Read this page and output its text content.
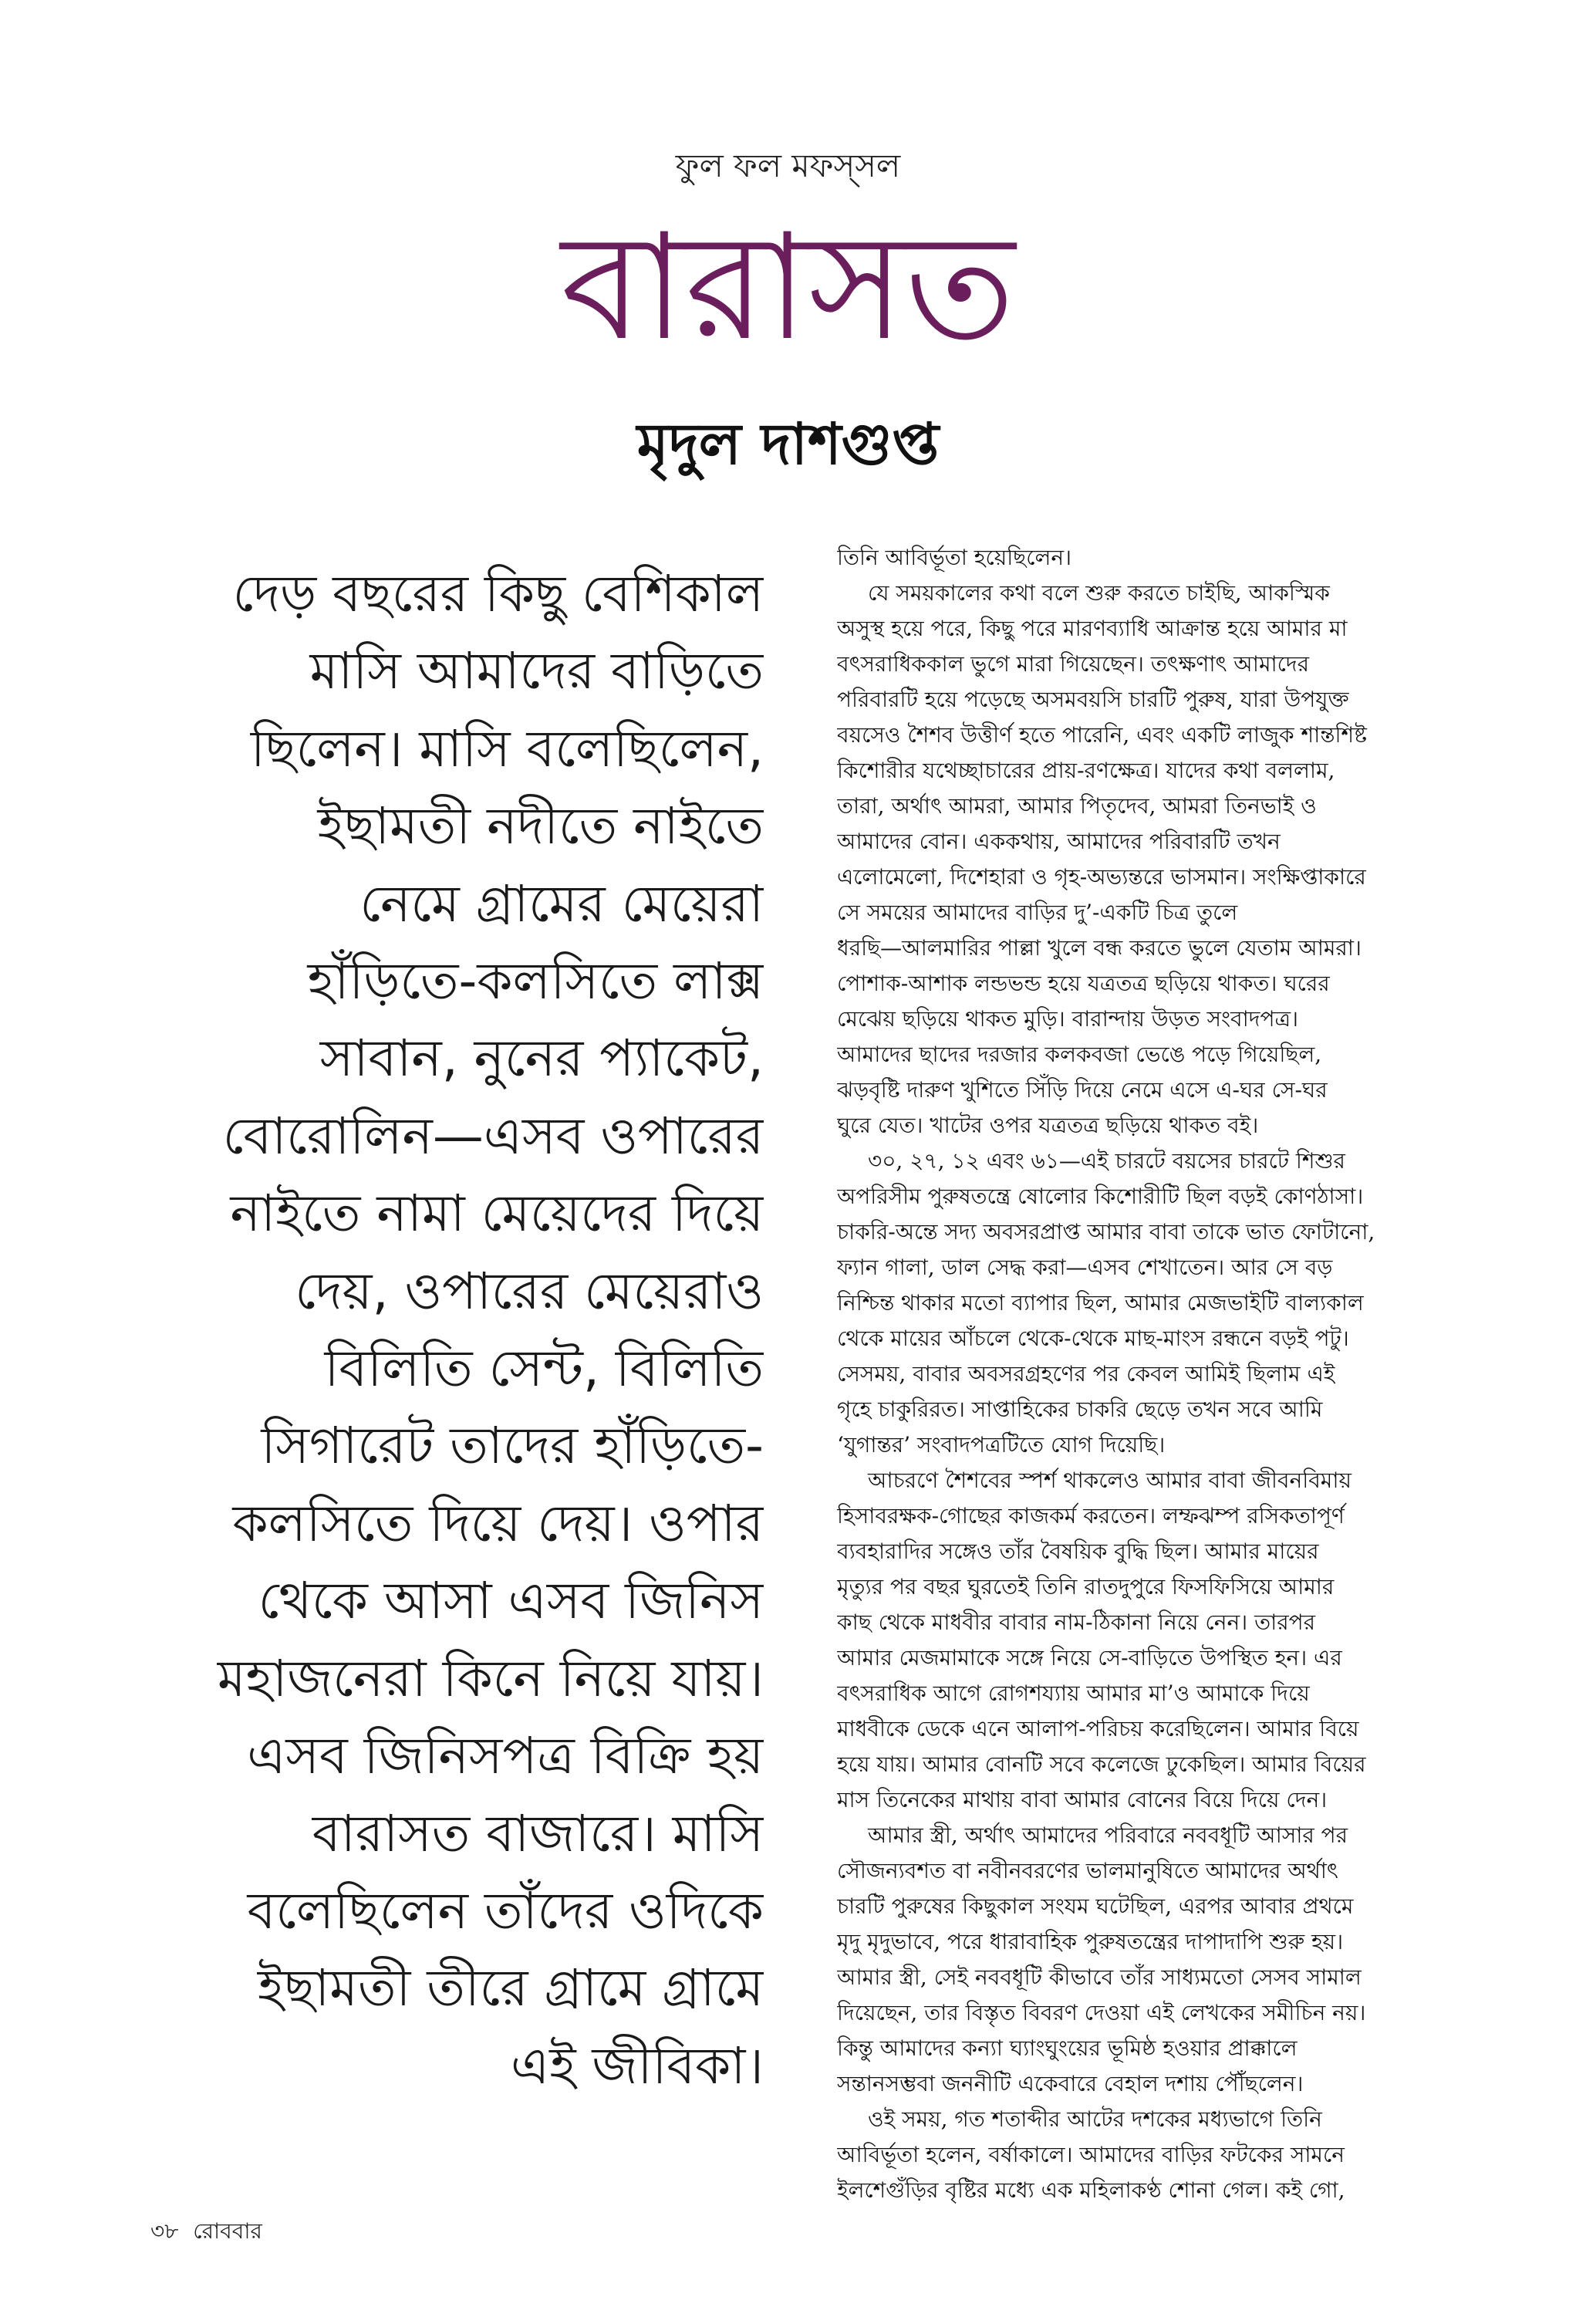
ফুল ফল মফস্‌সল
বারাসত
মৃদুল দাশগুপ্ত
দেড় বছরের কিছু বেশিকাল
মাসি আমাদের বাড়িতে
ছিলেন। মাসি বলেছিলেন,
ইছামতী নদীতে নাইতে
নেমে গ্রামের মেয়েরা
হাঁড়িতে-কলসিতে লাক্স
সাবান, নুনের প্যাকেট,
বোরোলিন—এসব ওপারের
নাইতে নামা মেয়েদের দিয়ে
দেয়, ওপারের মেয়েরাও
বিলিতি সেন্ট, বিলিতি
সিগারেট তাদের হাঁড়িতে-
কলসিতে দিয়ে দেয়। ওপার
থেকে আসা এসব জিনিস
মহাজনেরা কিনে নিয়ে যায়।
এসব জিনিসপত্র বিক্রি হয়
বারাসত বাজারে। মাসি
বলেছিলেন তাঁদের ওদিকে
ইছামতী তীরে গ্রামে গ্রামে
এই জীবিকা।
তিনি আবির্ভূতা হয়েছিলেন।
যে সময়কালের কথা বলে শুরু করতে চাইছি, আকস্মিক
অসুস্থ হয়ে পরে, কিছু পরে মারণব্যাধি আক্রান্ত হয়ে আমার মা
বৎসরাধিককাল ভুগে মারা গিয়েছেন। তৎক্ষণাৎ আমাদের
পরিবারটি হয়ে পড়েছে অসমবয়সি চারটি পুরুষ, যারা উপযুক্ত
বয়সেও শৈশব উত্তীর্ণ হতে পারেনি, এবং একটি লাজুক শান্তশিষ্ট
কিশোরীর যথেচ্ছাচারের প্রায়-রণক্ষেত্র। যাদের কথা বললাম,
তারা, অর্থাৎ আমরা, আমার পিতৃদেব, আমরা তিনভাই ও
আমাদের বোন। এককথায়, আমাদের পরিবারটি তখন
এলোমেলো, দিশেহারা ও গৃহ-অভ্যন্তরে ভাসমান। সংক্ষিপ্তাকারে
সে সময়ের আমাদের বাড়ির দু’-একটি চিত্র তুলে
ধরছি—আলমারির পাল্লা খুলে বন্ধ করতে ভুলে যেতাম আমরা।
পোশাক-আশাক লন্ডভন্ড হয়ে যত্রতত্র ছড়িয়ে থাকত। ঘরের
মেঝেয় ছড়িয়ে থাকত মুড়ি। বারান্দায় উড়ত সংবাদপত্র।
আমাদের ছাদের দরজার কলকবজা ভেঙে পড়ে গিয়েছিল,
ঝড়বৃষ্টি দারুণ খুশিতে সিঁড়ি দিয়ে নেমে এসে এ-ঘর সে-ঘর
ঘুরে যেত। খাটের ওপর যত্রতত্র ছড়িয়ে থাকত বই।
৩০, ২৭, ১২ এবং ৬১—এই চারটে বয়সের চারটে শিশুর
অপরিসীম পুরুষতন্ত্রে ষোলোর কিশোরীটি ছিল বড়ই কোণঠাসা।
চাকরি-অন্তে সদ্য অবসরপ্রাপ্ত আমার বাবা তাকে ভাত ফোটানো,
ফ্যান গালা, ডাল সেদ্ধ করা—এসব শেখাতেন। আর সে বড়
নিশ্চিন্ত থাকার মতো ব্যাপার ছিল, আমার মেজভাইটি বাল্যকাল
থেকে মায়ের আঁচলে থেকে-থেকে মাছ-মাংস রন্ধনে বড়ই পটু।
সেসময়, বাবার অবসরগ্রহণের পর কেবল আমিই ছিলাম এই
গৃহে চাকুরিরত। সাপ্তাহিকের চাকরি ছেড়ে তখন সবে আমি
‘যুগান্তর’ সংবাদপত্রটিতে যোগ দিয়েছি।
আচরণে শৈশবের স্পর্শ থাকলেও আমার বাবা জীবনবিমায়
হিসাবরক্ষক-গোছের কাজকর্ম করতেন। লম্ফঝম্প রসিকতাপূর্ণ
ব্যবহারাদির সঙ্গেও তাঁর বৈষয়িক বুদ্ধি ছিল। আমার মায়ের
মৃত্যুর পর বছর ঘুরতেই তিনি রাতদুপুরে ফিসফিসিয়ে আমার
কাছ থেকে মাধবীর বাবার নাম-ঠিকানা নিয়ে নেন। তারপর
আমার মেজমামাকে সঙ্গে নিয়ে সে-বাড়িতে উপস্থিত হন। এর
বৎসরাধিক আগে রোগশয্যায় আমার মা’ও আমাকে দিয়ে
মাধবীকে ডেকে এনে আলাপ-পরিচয় করেছিলেন। আমার বিয়ে
হয়ে যায়। আমার বোনটি সবে কলেজে ঢুকেছিল। আমার বিয়ের
মাস তিনেকের মাথায় বাবা আমার বোনের বিয়ে দিয়ে দেন।
আমার স্ত্রী, অর্থাৎ আমাদের পরিবারে নববধূটি আসার পর
সৌজন্যবশত বা নবীনবরণের ভালমানুষিতে আমাদের অর্থাৎ
চারটি পুরুষের কিছুকাল সংযম ঘটেছিল, এরপর আবার প্রথমে
মৃদু মৃদুভাবে, পরে ধারাবাহিক পুরুষতন্ত্রের দাপাদাপি শুরু হয়।
আমার স্ত্রী, সেই নববধূটি কীভাবে তাঁর সাধ্যমতো সেসব সামাল
দিয়েছেন, তার বিস্তৃত বিবরণ দেওয়া এই লেখকের সমীচিন নয়।
কিন্তু আমাদের কন্যা ঘ্যাংঘুংয়ের ভূমিষ্ঠ হওয়ার প্রাক্কালে
সন্তানসম্ভবা জননীটি একেবারে বেহাল দশায় পৌঁছলেন।
ওই সময়, গত শতাব্দীর আটের দশকের মধ্যভাগে তিনি
আবির্ভূতা হলেন, বর্ষাকালে। আমাদের বাড়ির ফটকের সামনে
ইলশেগুঁড়ির বৃষ্টির মধ্যে এক মহিলাকণ্ঠ শোনা গেল। কই গো,
৩৮ রোববার
